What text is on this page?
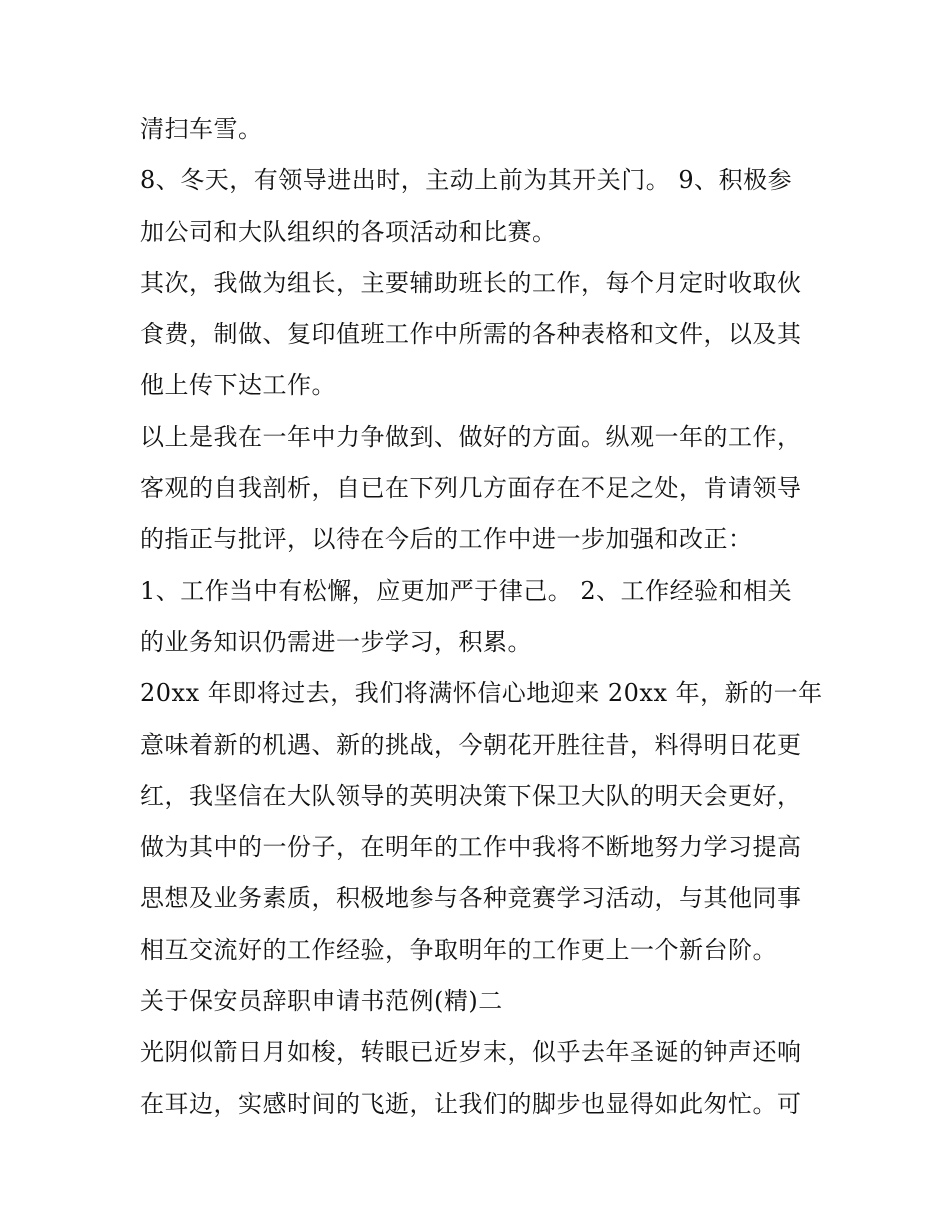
清扫车雪。
8、冬天，有领导进出时，主动上前为其开关门。 9、积极参
加公司和大队组织的各项活动和比赛。
其次，我做为组长，主要辅助班长的工作，每个月定时收取伙
食费，制做、复印值班工作中所需的各种表格和文件，以及其
他上传下达工作。
以上是我在一年中力争做到、做好的方面。纵观一年的工作，
客观的自我剖析，自已在下列几方面存在不足之处，肯请领导
的指正与批评，以待在今后的工作中进一步加强和改正：
1、工作当中有松懈，应更加严于律己。 2、工作经验和相关
的业务知识仍需进一步学习，积累。
20xx 年即将过去，我们将满怀信心地迎来 20xx 年，新的一年
意味着新的机遇、新的挑战，今朝花开胜往昔，料得明日花更
红，我坚信在大队领导的英明决策下保卫大队的明天会更好，
做为其中的一份子，在明年的工作中我将不断地努力学习提高
思想及业务素质，积极地参与各种竞赛学习活动，与其他同事
相互交流好的工作经验，争取明年的工作更上一个新台阶。
关于保安员辞职申请书范例(精)二
光阴似箭日月如梭，转眼已近岁末，似乎去年圣诞的钟声还响
在耳边，实感时间的飞逝，让我们的脚步也显得如此匆忙。可
